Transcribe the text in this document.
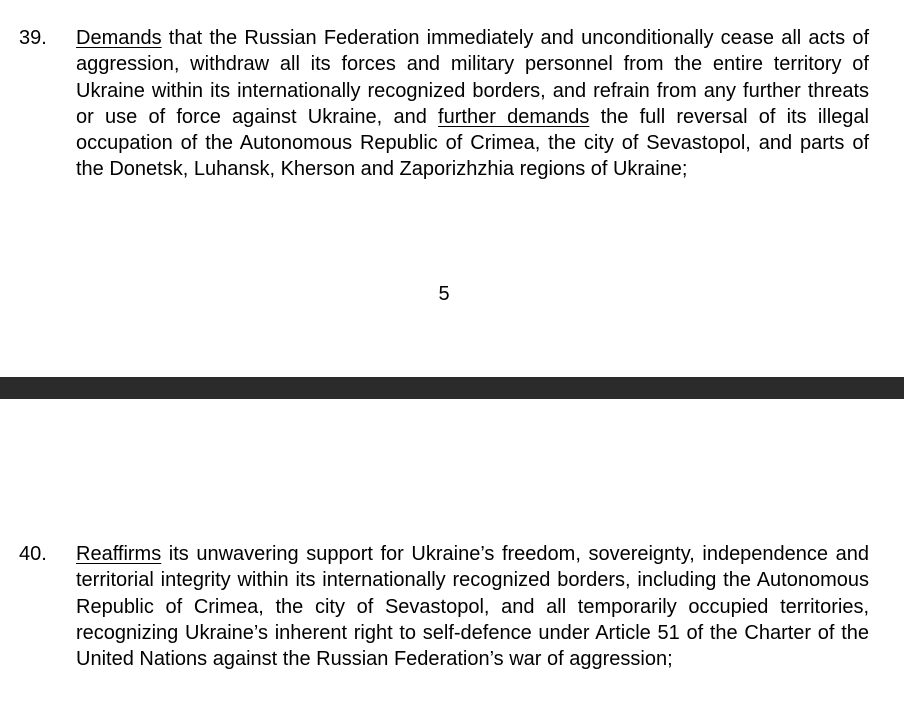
39. Demands that the Russian Federation immediately and unconditionally cease all acts of aggression, withdraw all its forces and military personnel from the entire territory of Ukraine within its internationally recognized borders, and refrain from any further threats or use of force against Ukraine, and further demands the full reversal of its illegal occupation of the Autonomous Republic of Crimea, the city of Sevastopol, and parts of the Donetsk, Luhansk, Kherson and Zaporizhzhia regions of Ukraine;

5
40. Reaffirms its unwavering support for Ukraine’s freedom, sovereignty, independence and territorial integrity within its internationally recognized borders, including the Autonomous Republic of Crimea, the city of Sevastopol, and all temporarily occupied territories, recognizing Ukraine’s inherent right to self-defence under Article 51 of the Charter of the United Nations against the Russian Federation’s war of aggression;
